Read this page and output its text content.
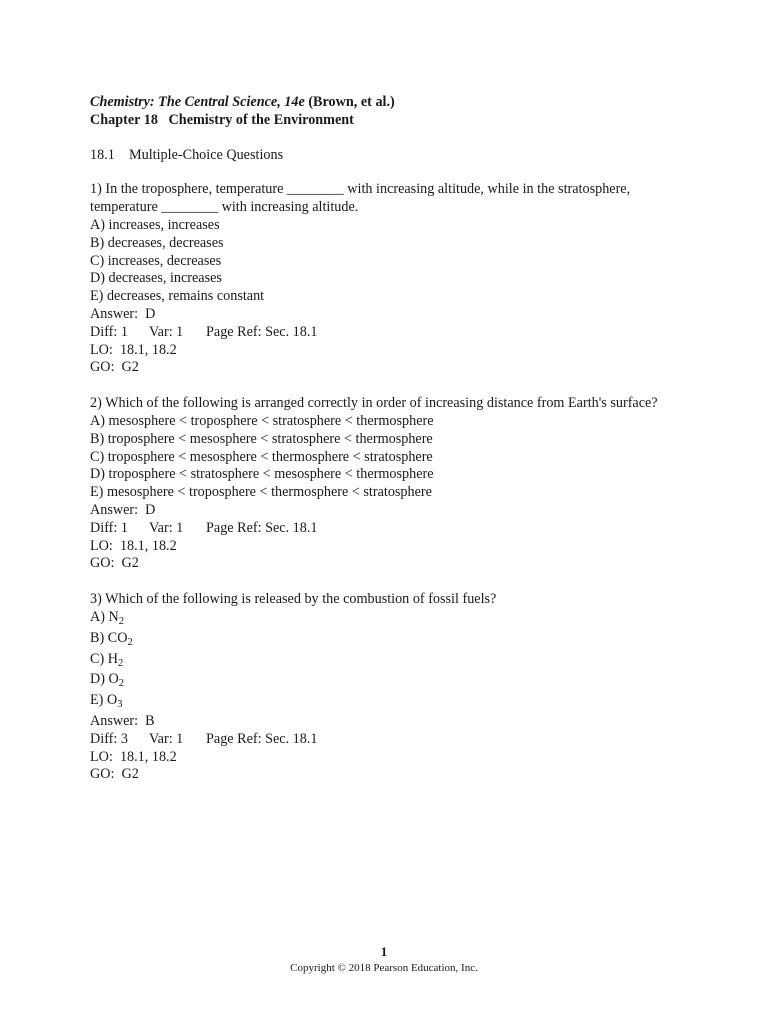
Chemistry: The Central Science, 14e (Brown, et al.)
Chapter 18   Chemistry of the Environment
18.1    Multiple-Choice Questions
1) In the troposphere, temperature ________ with increasing altitude, while in the stratosphere, temperature ________ with increasing altitude.
A) increases, increases
B) decreases, decreases
C) increases, decreases
D) decreases, increases
E) decreases, remains constant
Answer:  D
Diff: 1 Var: 1 Page Ref: Sec. 18.1
LO:  18.1, 18.2
GO:  G2
2) Which of the following is arranged correctly in order of increasing distance from Earth's surface?
A) mesosphere < troposphere < stratosphere < thermosphere
B) troposphere < mesosphere < stratosphere < thermosphere
C) troposphere < mesosphere < thermosphere < stratosphere
D) troposphere < stratosphere < mesosphere < thermosphere
E) mesosphere < troposphere < thermosphere < stratosphere
Answer:  D
Diff: 1 Var: 1 Page Ref: Sec. 18.1
LO:  18.1, 18.2
GO:  G2
3) Which of the following is released by the combustion of fossil fuels?
A) $N_2$
B) $CO_2$
C) $H_2$
D) $O_2$
E) $O_3$
Answer:  B
Diff: 3 Var: 1 Page Ref: Sec. 18.1
LO:  18.1, 18.2
GO:  G2
1
Copyright © 2018 Pearson Education, Inc.
